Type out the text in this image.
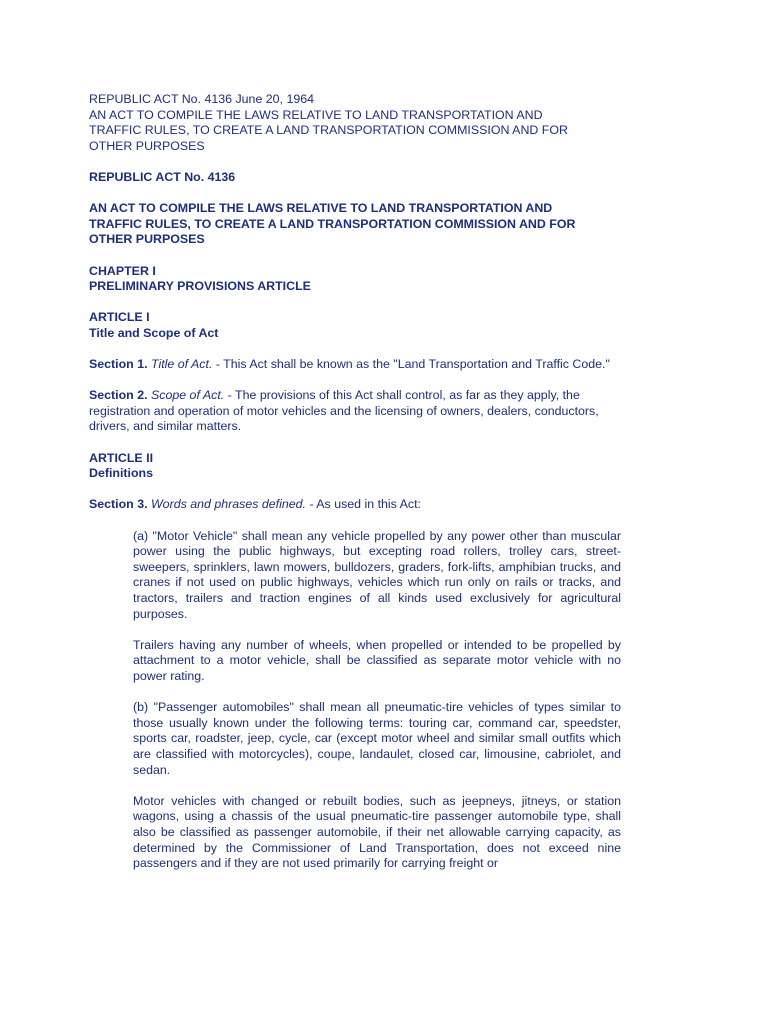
REPUBLIC ACT No. 4136 June 20, 1964
AN ACT TO COMPILE THE LAWS RELATIVE TO LAND TRANSPORTATION AND
TRAFFIC RULES, TO CREATE A LAND TRANSPORTATION COMMISSION AND FOR
OTHER PURPOSES
REPUBLIC ACT No. 4136
AN ACT TO COMPILE THE LAWS RELATIVE TO LAND TRANSPORTATION AND
TRAFFIC RULES, TO CREATE A LAND TRANSPORTATION COMMISSION AND FOR
OTHER PURPOSES
CHAPTER I
PRELIMINARY PROVISIONS ARTICLE
ARTICLE I
Title and Scope of Act
Section 1. Title of Act. - This Act shall be known as the "Land Transportation and Traffic Code."
Section 2. Scope of Act. - The provisions of this Act shall control, as far as they apply, the registration and operation of motor vehicles and the licensing of owners, dealers, conductors, drivers, and similar matters.
ARTICLE II
Definitions
Section 3. Words and phrases defined. - As used in this Act:
(a) "Motor Vehicle" shall mean any vehicle propelled by any power other than muscular power using the public highways, but excepting road rollers, trolley cars, street-sweepers, sprinklers, lawn mowers, bulldozers, graders, fork-lifts, amphibian trucks, and cranes if not used on public highways, vehicles which run only on rails or tracks, and tractors, trailers and traction engines of all kinds used exclusively for agricultural purposes.
Trailers having any number of wheels, when propelled or intended to be propelled by attachment to a motor vehicle, shall be classified as separate motor vehicle with no power rating.
(b) "Passenger automobiles" shall mean all pneumatic-tire vehicles of types similar to those usually known under the following terms: touring car, command car, speedster, sports car, roadster, jeep, cycle, car (except motor wheel and similar small outfits which are classified with motorcycles), coupe, landaulet, closed car, limousine, cabriolet, and sedan.
Motor vehicles with changed or rebuilt bodies, such as jeepneys, jitneys, or station wagons, using a chassis of the usual pneumatic-tire passenger automobile type, shall also be classified as passenger automobile, if their net allowable carrying capacity, as determined by the Commissioner of Land Transportation, does not exceed nine passengers and if they are not used primarily for carrying freight or
